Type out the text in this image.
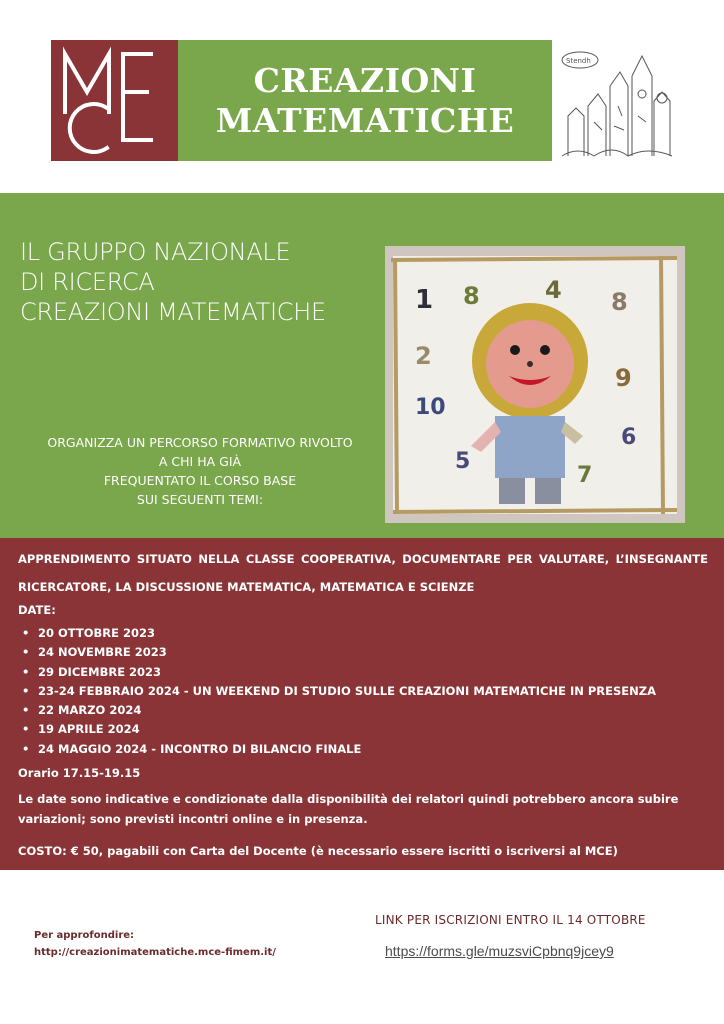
CREAZIONI
MATEMATICHE
Stendh
IL GRUPPO NAZIONALE
DI RICERCA
CREAZIONI MATEMATICHE
ORGANIZZA UN PERCORSO FORMATIVO RIVOLTO
A CHI HA GIÀ
FREQUENTATO IL CORSO BASE
SUI SEGUENTI TEMI:
1
2
10
8	4 8
9
6
5
7
APPRENDIMENTO SITUATO NELLA CLASSE COOPERATIVA, DOCUMENTARE PER VALUTARE, L’INSEGNANTE
RICERCATORE, LA DISCUSSIONE MATEMATICA, MATEMATICA E SCIENZE
DATE:
• 20 OTTOBRE 2023
• 24 NOVEMBRE 2023
• 29 DICEMBRE 2023
• 23-24 FEBBRAIO 2024 - UN WEEKEND DI STUDIO SULLE CREAZIONI MATEMATICHE IN PRESENZA
• 22 MARZO 2024
• 19 APRILE 2024
• 24 MAGGIO 2024 - INCONTRO DI BILANCIO FINALE
Orario 17.15-19.15
Le date sono indicative e condizionate dalla disponibilità dei relatori quindi potrebbero ancora subire variazioni; sono previsti incontri online e in presenza.
COSTO: € 50, pagabili con Carta del Docente (è necessario essere iscritti o iscriversi al MCE)
Per approfondire:
http://creazionimatematiche.mce-fimem.it/
LINK PER ISCRIZIONI ENTRO IL 14 OTTOBRE
https://forms.gle/muzsviCpbnq9jcey9
